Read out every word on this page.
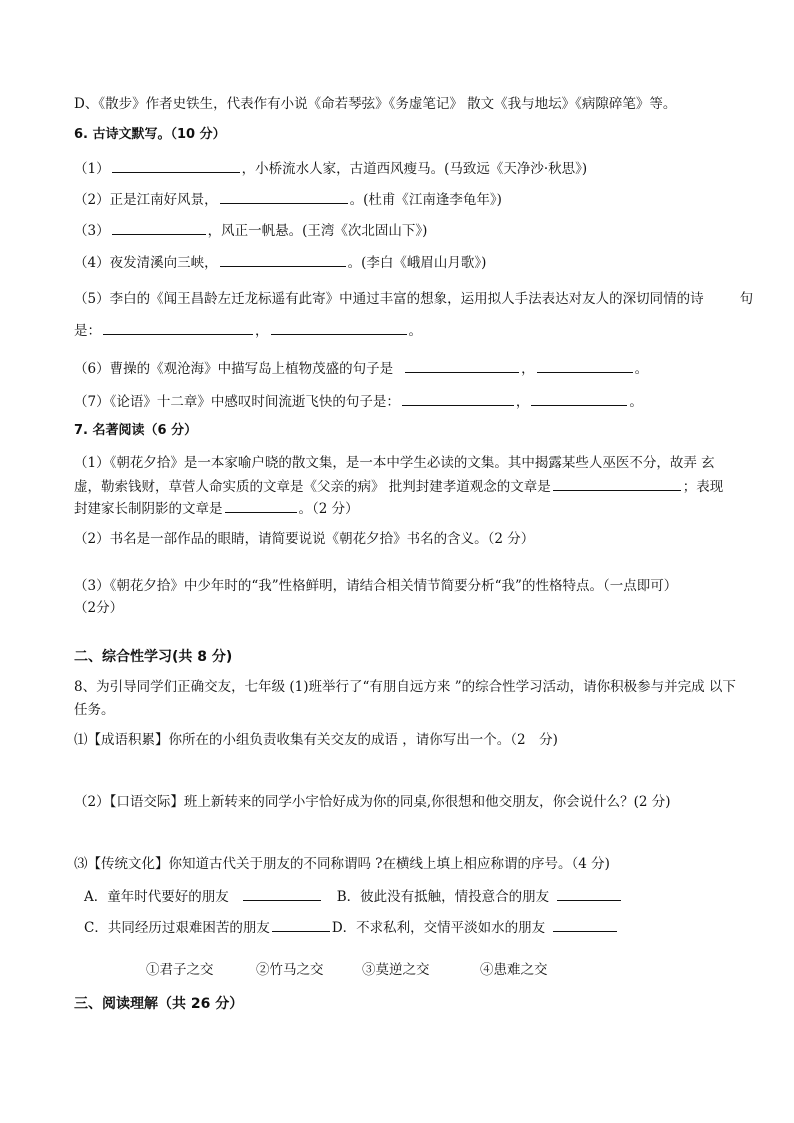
D、《散步》作者史铁生，代表作有小说《命若琴弦》《务虚笔记》 散文《我与地坛》《病隙碎笔》等。
6. 古诗文默写。（10 分）
（1）	，小桥流水人家，古道西风瘦马。(马致远《天净沙·秋思》)
（2）正是江南好风景，	。(杜甫《江南逢李龟年》)
（3）	，风正一帆悬。(王湾《次北固山下》)
（4）夜发清溪向三峡，	。(李白《峨眉山月歌》)
（5）李白的《闻王昌龄左迁龙标遥有此寄》中通过丰富的想象，运用拟人手法表达对友人的深切同情的诗	句
是：	，	。
（6）曹操的《观沧海》中描写岛上植物茂盛的句子是	，	。
（7）《论语》十二章》中感叹时间流逝飞快的句子是：	，	。
7. 名著阅读（6 分）
（1）《朝花夕拾》是一本家喻户晓的散文集，是一本中学生必读的文集。其中揭露某些人巫医不分，故弄 玄
虚，勒索钱财，草菅人命实质的文章是《父亲的病》 批判封建孝道观念的文章是	；表现
封建家长制阴影的文章是	。（2 分）
（2）书名是一部作品的眼睛，请简要说说《朝花夕拾》书名的含义。（2 分）
（3）《朝花夕拾》中少年时的“我”性格鲜明，请结合相关情节简要分析“我”的性格特点。（一点即可）
（2分）
二、综合性学习(共 8 分)
8、为引导同学们正确交友，七年级 (1)班举行了“有朋自远方来 ”的综合性学习活动，请你积极参与并完成 以下
任务。
⑴【成语积累】你所在的小组负责收集有关交友的成语 ，请你写出一个。（2　分)
（2）【口语交际】班上新转来的同学小宇恰好成为你的同桌,你很想和他交朋友，你会说什么？(2 分)
⑶【传统文化】你知道古代关于朋友的不同称谓吗 ?在横线上填上相应称谓的序号。（4 分)
A．童年时代要好的朋友	B．彼此没有抵触，情投意合的朋友
C．共同经历过艰难困苦的朋友	D．不求私利，交情平淡如水的朋友
①君子之交	②竹马之交	③莫逆之交	④患难之交
三、阅读理解（共 26 分）
